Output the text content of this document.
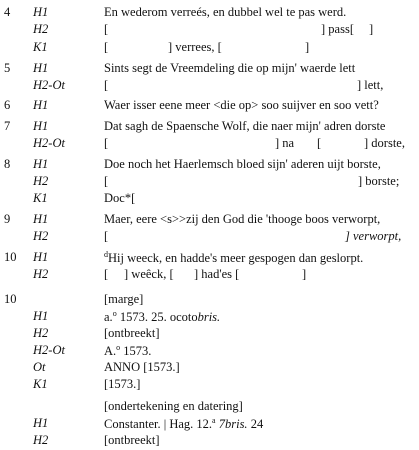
4	H1	En wederom verreés, en dubbel wel te pas werd.
H2	[	] pass[ ]
K1	[	] verrees, [	]
5	H1	Sints segt de Vreemdeling die op mijn' waerde lett
H2-Ot	[	] lett,
6	H1	Waer isser eene meer <die op> soo suijver en soo vett?
7	H1	Dat sagh de Spaensche Wolf, die naer mijn' adren dorste
H2-Ot	[	] na [	] dorste,
8	H1	Doe noch het Haerlemsch bloed sijn' aderen uijt borste,
H2	[	] borste;
K1	Doc*[
9	H1	Maer, eere <s>>zij den God die 'thooge boos verworpt,
H2	[	] verworpt,
10	H1	$^d$Hij weeck, en hadde's meer gespogen dan geslorpt.
H2	[ ] weêck, [ ] had'es [	]
10	[marge]
H1	a.$^o$ 1573. 25. ocotobris.
H2	[ontbreekt]
H2-Ot	A.$^o$ 1573.
Ot	ANNO [1573.]
K1	[1573.]
[ondertekening en datering]
H1	Constanter. | Hag. 12.$^a$ 7bris. 24
H2	[ontbreekt]
